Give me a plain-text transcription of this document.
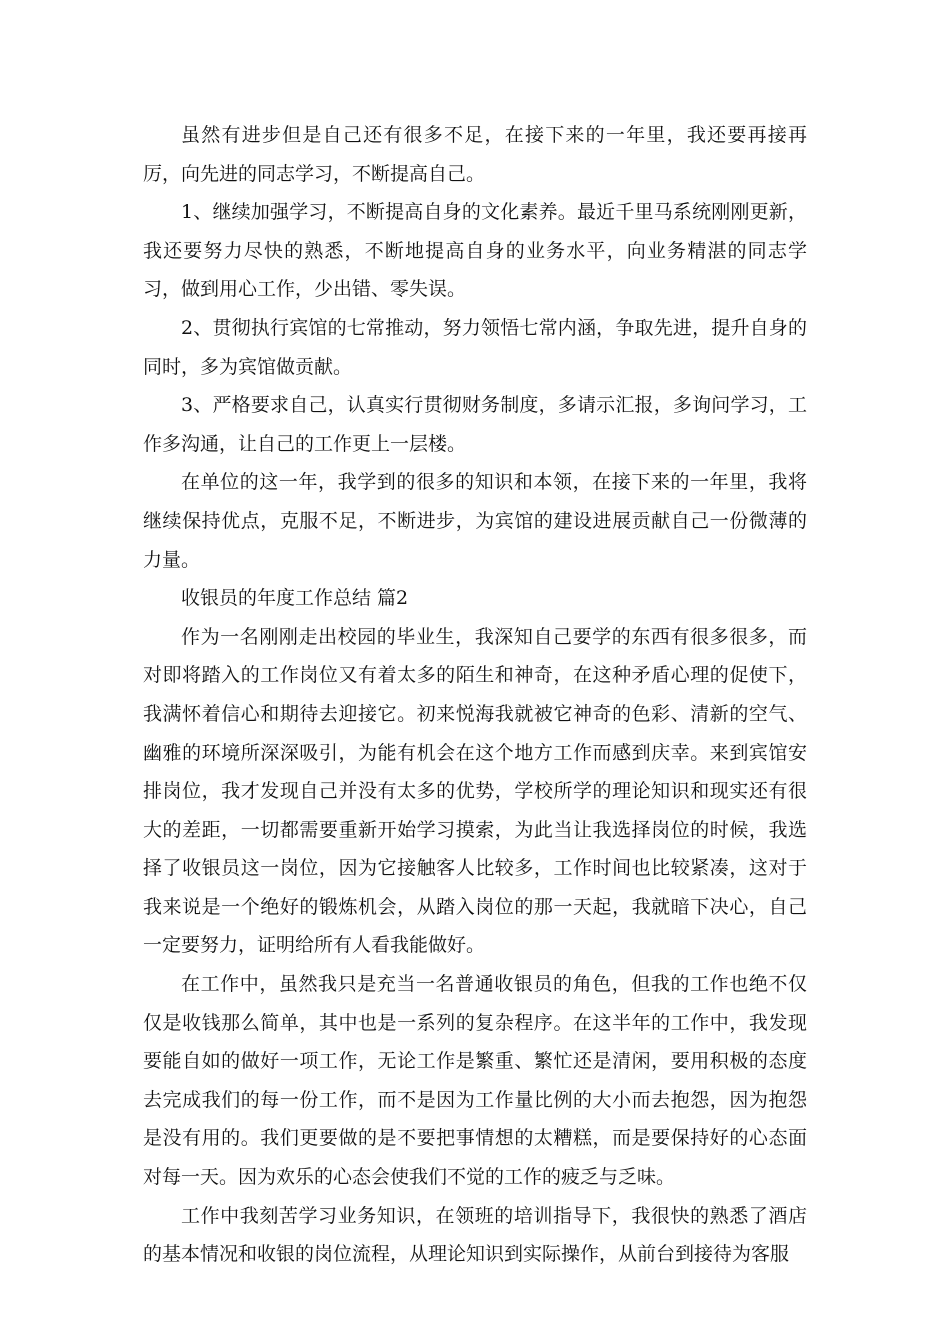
虽然有进步但是自己还有很多不足，在接下来的一年里，我还要再接再厉，向先进的同志学习，不断提高自己。

1、继续加强学习，不断提高自身的文化素养。最近千里马系统刚刚更新，我还要努力尽快的熟悉，不断地提高自身的业务水平，向业务精湛的同志学习，做到用心工作，少出错、零失误。

2、贯彻执行宾馆的七常推动，努力领悟七常内涵，争取先进，提升自身的同时，多为宾馆做贡献。

3、严格要求自己，认真实行贯彻财务制度，多请示汇报，多询问学习，工作多沟通，让自己的工作更上一层楼。

在单位的这一年，我学到的很多的知识和本领，在接下来的一年里，我将继续保持优点，克服不足，不断进步，为宾馆的建设进展贡献自己一份微薄的力量。

收银员的年度工作总结 篇2

作为一名刚刚走出校园的毕业生，我深知自己要学的东西有很多很多，而对即将踏入的工作岗位又有着太多的陌生和神奇，在这种矛盾心理的促使下，我满怀着信心和期待去迎接它。初来悦海我就被它神奇的色彩、清新的空气、幽雅的环境所深深吸引，为能有机会在这个地方工作而感到庆幸。来到宾馆安排岗位，我才发现自己并没有太多的优势，学校所学的理论知识和现实还有很大的差距，一切都需要重新开始学习摸索，为此当让我选择岗位的时候，我选择了收银员这一岗位，因为它接触客人比较多，工作时间也比较紧凑，这对于我来说是一个绝好的锻炼机会，从踏入岗位的那一天起，我就暗下决心，自己一定要努力，证明给所有人看我能做好。

在工作中，虽然我只是充当一名普通收银员的角色，但我的工作也绝不仅仅是收钱那么简单，其中也是一系列的复杂程序。在这半年的工作中，我发现要能自如的做好一项工作，无论工作是繁重、繁忙还是清闲，要用积极的态度去完成我们的每一份工作，而不是因为工作量比例的大小而去抱怨，因为抱怨是没有用的。我们更要做的是不要把事情想的太糟糕，而是要保持好的心态面对每一天。因为欢乐的心态会使我们不觉的工作的疲乏与乏味。

工作中我刻苦学习业务知识，在领班的培训指导下，我很快的熟悉了酒店的基本情况和收银的岗位流程，从理论知识到实际操作，从前台到接待为客服
